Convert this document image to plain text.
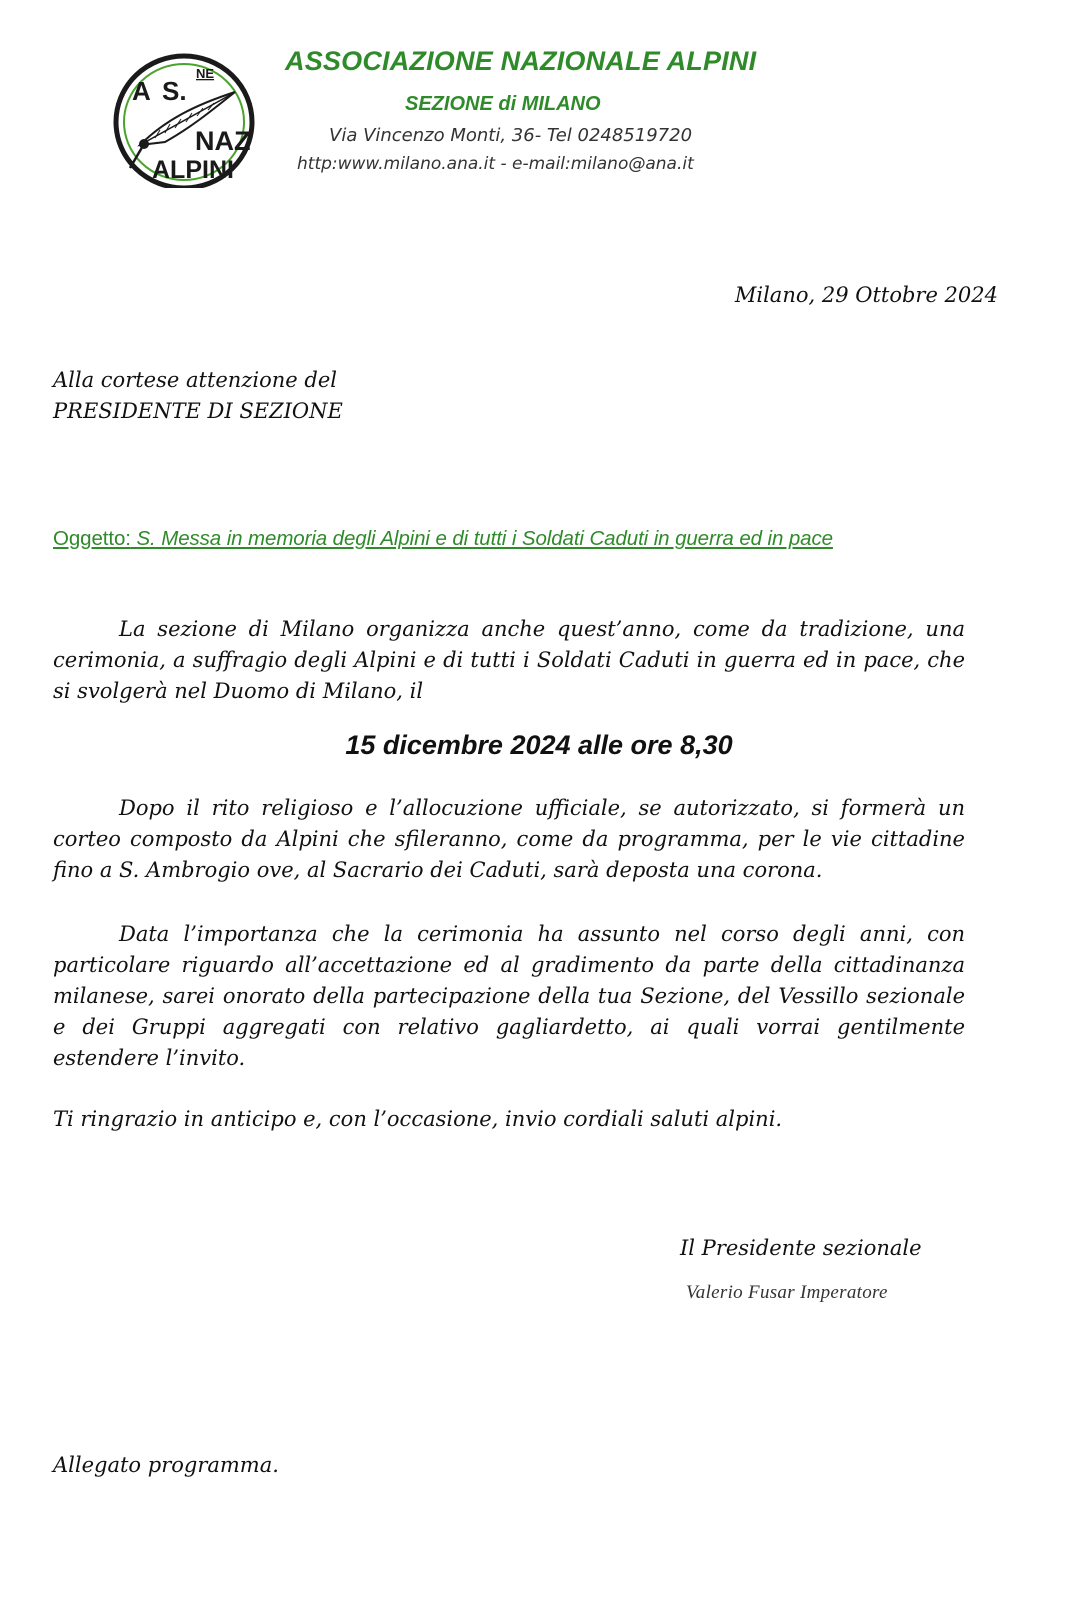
A S.
NE
NAZ
ALPINI
ASSOCIAZIONE NAZIONALE ALPINI
SEZIONE di MILANO
Via Vincenzo Monti, 36- Tel 0248519720
http:www.milano.ana.it - e-mail:milano@ana.it
Milano, 29 Ottobre 2024
Alla cortese attenzione del
PRESIDENTE DI SEZIONE
Oggetto: S. Messa in memoria degli Alpini e di tutti i Soldati Caduti in guerra ed in pace
La sezione di Milano organizza anche quest’anno, come da tradizione, una cerimonia, a suffragio degli Alpini e di tutti i Soldati Caduti in guerra ed in pace, che si svolgerà nel Duomo di Milano, il
15 dicembre 2024 alle ore 8,30
Dopo il rito religioso e l’allocuzione ufficiale, se autorizzato, si formerà un corteo composto da Alpini che sfileranno, come da programma, per le vie cittadine fino a S. Ambrogio ove, al Sacrario dei Caduti, sarà deposta una corona.
Data l’importanza che la cerimonia ha assunto nel corso degli anni, con particolare riguardo all’accettazione ed al gradimento da parte della cittadinanza milanese, sarei onorato della partecipazione della tua Sezione, del Vessillo sezionale e dei Gruppi aggregati con relativo gagliardetto, ai quali vorrai gentilmente estendere l’invito.
Ti ringrazio in anticipo e, con l’occasione, invio cordiali saluti alpini.
Il Presidente sezionale
Valerio Fusar Imperatore
Allegato programma.
